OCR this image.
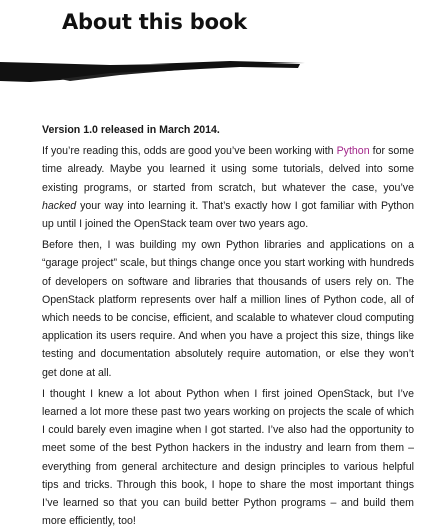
About this book

Version 1.0 released in March 2014.

If you’re reading this, odds are good you’ve been working with Python for some time already. Maybe you learned it using some tutorials, delved into some existing programs, or started from scratch, but whatever the case, you’ve hacked your way into learning it. That’s exactly how I got familiar with Python up until I joined the OpenStack team over two years ago.

Before then, I was building my own Python libraries and applications on a “garage project” scale, but things change once you start working with hundreds of developers on software and libraries that thousands of users rely on. The OpenStack platform represents over half a million lines of Python code, all of which needs to be concise, efficient, and scalable to whatever cloud computing application its users require. And when you have a project this size, things like testing and documentation absolutely require automation, or else they won’t get done at all.

I thought I knew a lot about Python when I first joined OpenStack, but I’ve learned a lot more these past two years working on projects the scale of which I could barely even imagine when I got started. I’ve also had the opportunity to meet some of the best Python hackers in the industry and learn from them – everything from general architecture and design principles to various helpful tips and tricks. Through this book, I hope to share the most important things I’ve learned so that you can build better Python programs – and build them more efficiently, too!
